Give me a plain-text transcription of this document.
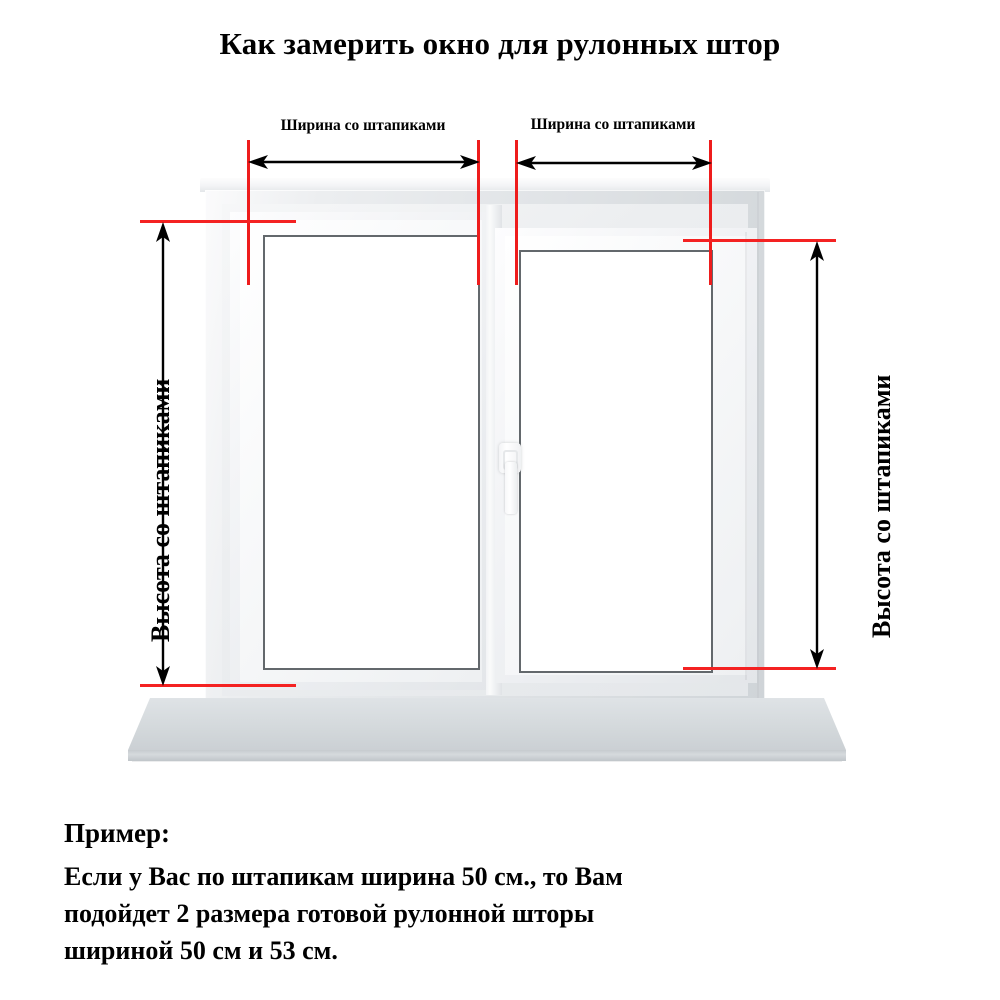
Как замерить окно для рулонных штор
Ширина со штапиками	Ширина со штапиками
Высота со штапиками	Высота со штапиками
Пример:
Если у Вас по штапикам ширина 50 см., то Вам
подойдет 2 размера готовой рулонной шторы
шириной 50 см и 53 см.
